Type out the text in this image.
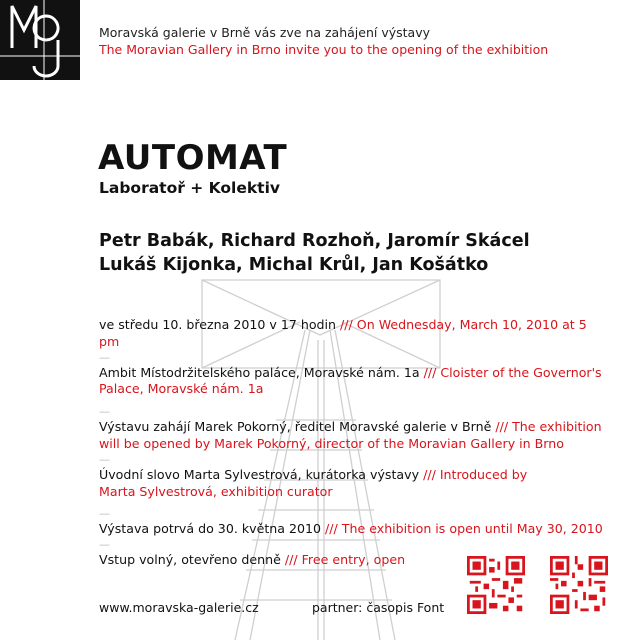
Moravská galerie v Brně vás zve na zahájení výstavy
The Moravian Gallery in Brno invite you to the opening of the exhibition
AUTOMAT
Laboratoř + Kolektiv
Petr Babák, Richard Rozhoň, Jaromír Skácel
Lukáš Kijonka, Michal Krůl, Jan Košátko
ve středu 10. března 2010 v 17 hodin /// On Wednesday, March 10, 2010 at 5 pm
—
Ambit Místodržitelského paláce, Moravské nám. 1a /// Cloister of the Governor's
Palace, Moravské nám. 1a
—
Výstavu zahájí Marek Pokorný, ředitel Moravské galerie v Brně /// The exhibition
will be opened by Marek Pokorný, director of the Moravian Gallery in Brno
—
Úvodní slovo Marta Sylvestrová, kurátorka výstavy /// Introduced by
Marta Sylvestrová, exhibition curator
—
Výstava potrvá do 30. května 2010 /// The exhibition is open until May 30, 2010
—
Vstup volný, otevřeno denně /// Free entry, open
www.moravska-galerie.cz	partner: časopis Font
